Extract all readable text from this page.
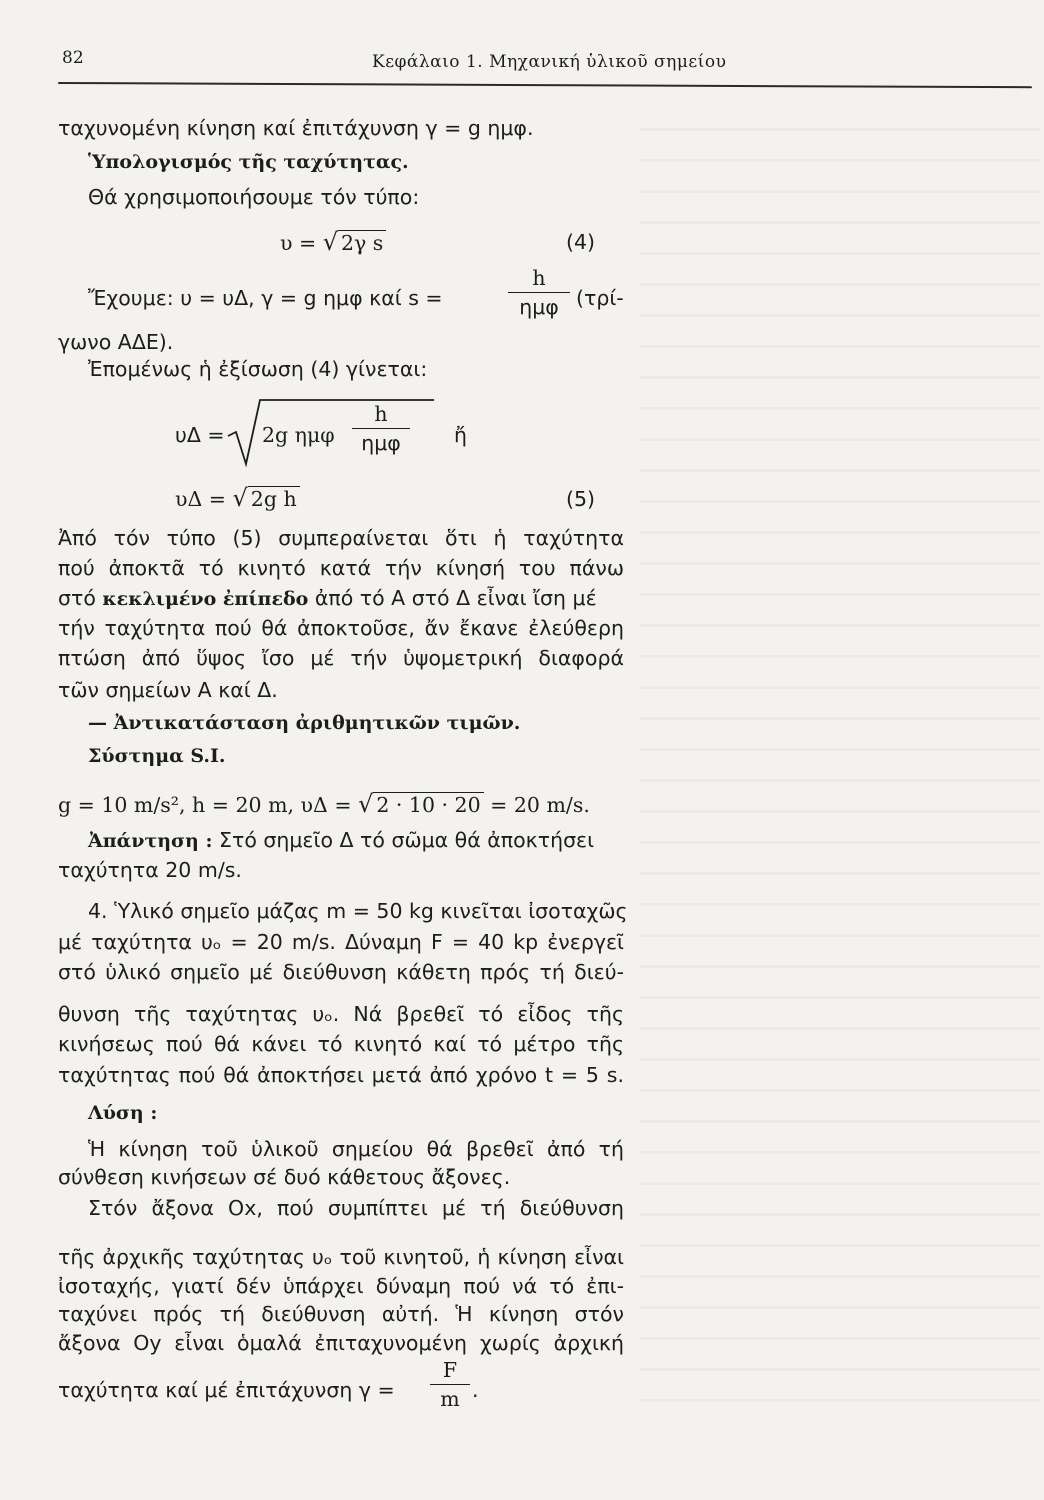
82	Κεφάλαιο 1. Μηχανική ὑλικοῦ σημείου
ταχυνομένη κίνηση καί ἐπιτάχυνση γ = g ημφ.
Ὑπολογισμός τῆς ταχύτητας.
Θά χρησιμοποιήσουμε τόν τύπο:
υ = √ 2γ s	(4)
Ἔχουμε: υ = υΔ, γ = g ημφ καί s =
h
ημφ (τρί-
γωνο ΑΔΕ).
Ἐπομένως ἡ ἐξίσωση (4) γίνεται:
υΔ = 2g ημφ
h
ημφ	ἤ
υΔ = √ 2g h	(5)
Ἀπό τόν τύπο (5) συμπεραίνεται ὅτι ἡ ταχύτητα
πού ἀποκτᾶ τό κινητό κατά τήν κίνησή του πάνω
στό κεκλιμένο ἐπίπεδο ἀπό τό Α στό Δ εἶναι ἴση μέ
τήν ταχύτητα πού θά ἀποκτοῦσε, ἄν ἔκανε ἐλεύθερη
πτώση ἀπό ὕψος ἴσο μέ τήν ὑψομετρική διαφορά
τῶν σημείων Α καί Δ.
— Ἀντικατάσταση ἀριθμητικῶν τιμῶν.
Σύστημα S.I.
g = 10 m/s², h = 20 m, υΔ = √ 2 · 10 · 20 = 20 m/s.
Ἀπάντηση : Στό σημεῖο Δ τό σῶμα θά ἀποκτήσει
ταχύτητα 20 m/s.
4. Ὑλικό σημεῖο μάζας m = 50 kg κινεῖται ἰσοταχῶς
μέ ταχύτητα υₒ = 20 m/s. Δύναμη F = 40 kp ἐνεργεῖ
στό ὑλικό σημεῖο μέ διεύθυνση κάθετη πρός τή διεύ-
θυνση τῆς ταχύτητας υₒ. Νά βρεθεῖ τό εἶδος τῆς
κινήσεως πού θά κάνει τό κινητό καί τό μέτρο τῆς
ταχύτητας πού θά ἀποκτήσει μετά ἀπό χρόνο t = 5 s.
Λύση :
Ἡ κίνηση τοῦ ὑλικοῦ σημείου θά βρεθεῖ ἀπό τή
σύνθεση κινήσεων σέ δυό κάθετους ἄξονες.
Στόν ἄξονα Οx, πού συμπίπτει μέ τή διεύθυνση
τῆς ἀρχικῆς ταχύτητας υₒ τοῦ κινητοῦ, ἡ κίνηση εἶναι
ἰσοταχής, γιατί δέν ὑπάρχει δύναμη πού νά τό ἐπι-
ταχύνει πρός τή διεύθυνση αὐτή. Ἡ κίνηση στόν
ἄξονα Oy εἶναι ὁμαλά ἐπιταχυνομένη χωρίς ἀρχική
ταχύτητα καί μέ ἐπιτάχυνση γ =
F
m .
